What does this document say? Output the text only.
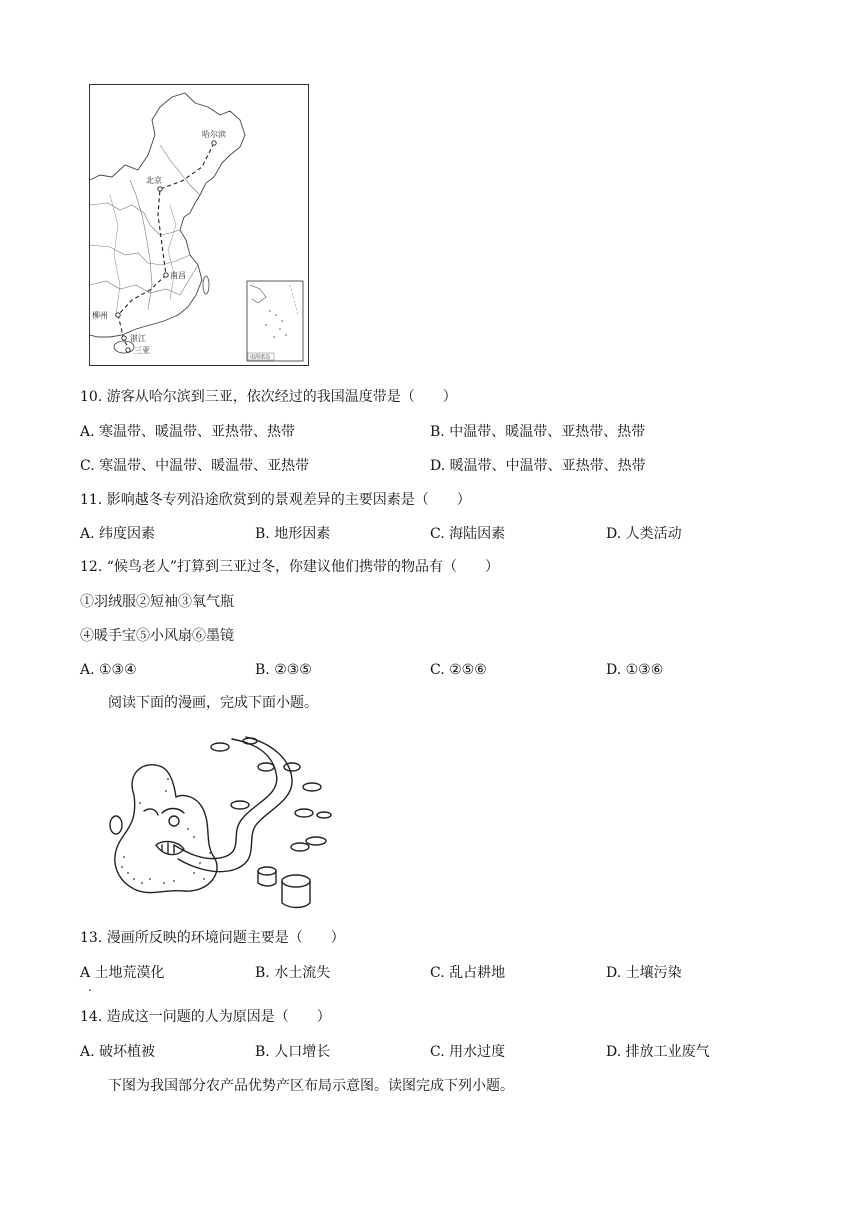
哈尔滨
北京
南昌
柳州
湛江
三亚
南海诸岛
10. 游客从哈尔滨到三亚，依次经过的我国温度带是（　　）
A. 寒温带、暖温带、亚热带、热带	B. 中温带、暖温带、亚热带、热带
C. 寒温带、中温带、暖温带、亚热带	D. 暖温带、中温带、亚热带、热带
11. 影响越冬专列沿途欣赏到的景观差异的主要因素是（　　）
A. 纬度因素	B. 地形因素	C. 海陆因素	D. 人类活动
12. “候鸟老人”打算到三亚过冬，你建议他们携带的物品有（　　）
①羽绒服②短袖③氧气瓶
④暖手宝⑤小风扇⑥墨镜
A. ①③④	B. ②③⑤	C. ②⑤⑥	D. ①③⑥
阅读下面的漫画，完成下面小题。
13. 漫画所反映的环境问题主要是（　　）
A 土地荒漠化
.
B. 水土流失	C. 乱占耕地	D. 土壤污染
14. 造成这一问题的人为原因是（　　）
A. 破坏植被	B. 人口增长	C. 用水过度	D. 排放工业废气
下图为我国部分农产品优势产区布局示意图。读图完成下列小题。
